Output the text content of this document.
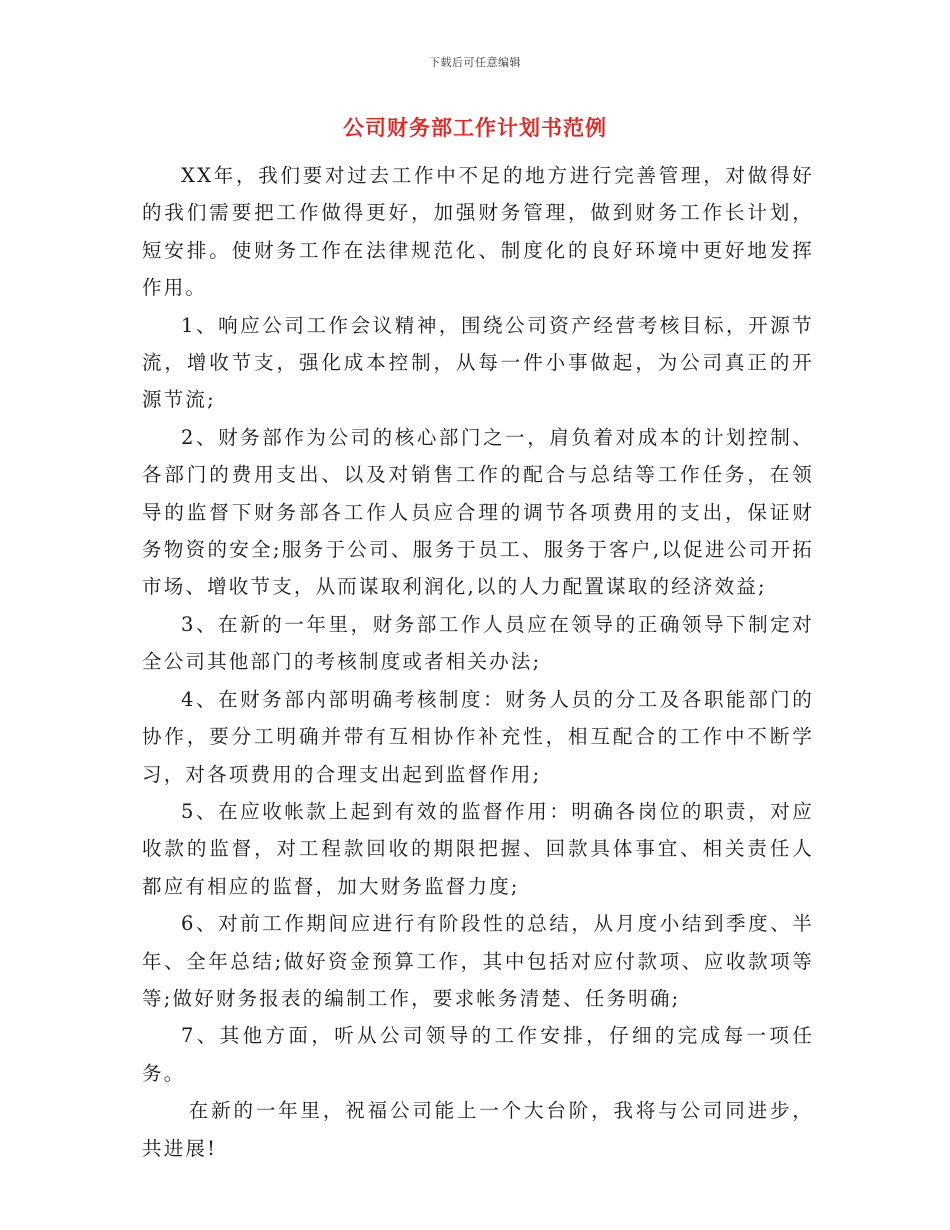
下载后可任意编辑
公司财务部工作计划书范例

XX年，我们要对过去工作中不足的地方进行完善管理，对做得好的我们需要把工作做得更好，加强财务管理，做到财务工作长计划，短安排。使财务工作在法律规范化、制度化的良好环境中更好地发挥作用。

1、响应公司工作会议精神，围绕公司资产经营考核目标，开源节流，增收节支，强化成本控制，从每一件小事做起，为公司真正的开源节流;

2、财务部作为公司的核心部门之一，肩负着对成本的计划控制、各部门的费用支出、以及对销售工作的配合与总结等工作任务，在领导的监督下财务部各工作人员应合理的调节各项费用的支出，保证财务物资的安全;服务于公司、服务于员工、服务于客户,以促进公司开拓市场、增收节支，从而谋取利润化,以的人力配置谋取的经济效益;

3、在新的一年里，财务部工作人员应在领导的正确领导下制定对全公司其他部门的考核制度或者相关办法;

4、在财务部内部明确考核制度：财务人员的分工及各职能部门的协作，要分工明确并带有互相协作补充性，相互配合的工作中不断学习，对各项费用的合理支出起到监督作用;

5、在应收帐款上起到有效的监督作用：明确各岗位的职责，对应收款的监督，对工程款回收的期限把握、回款具体事宜、相关责任人都应有相应的监督，加大财务监督力度;

6、对前工作期间应进行有阶段性的总结，从月度小结到季度、半年、全年总结;做好资金预算工作，其中包括对应付款项、应收款项等等;做好财务报表的编制工作，要求帐务清楚、任务明确;

7、其他方面，听从公司领导的工作安排，仔细的完成每一项任务。

在新的一年里，祝福公司能上一个大台阶，我将与公司同进步，共进展!
